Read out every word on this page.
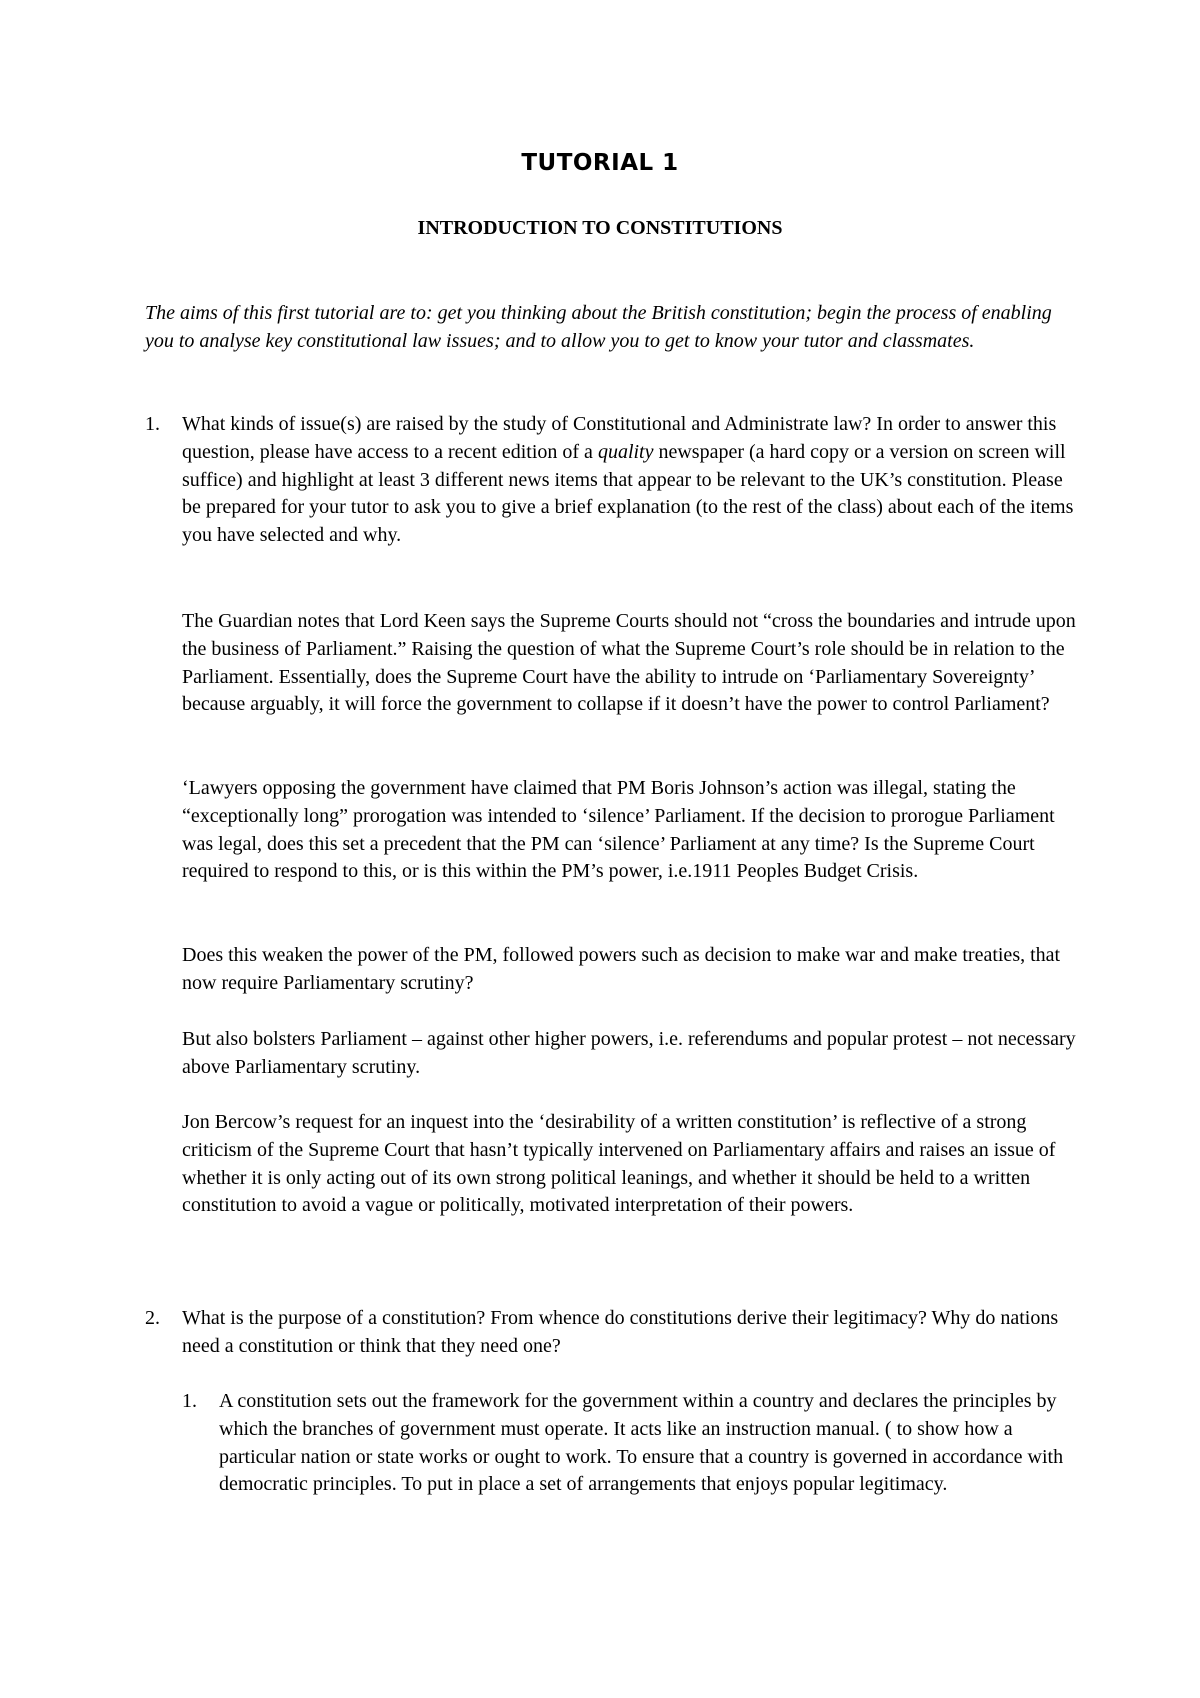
TUTORIAL 1
INTRODUCTION TO CONSTITUTIONS

The aims of this first tutorial are to: get you thinking about the British constitution; begin the process of enabling you to analyse key constitutional law issues; and to allow you to get to know your tutor and classmates.

1. What kinds of issue(s) are raised by the study of Constitutional and Administrate law? In order to answer this question, please have access to a recent edition of a quality newspaper (a hard copy or a version on screen will suffice) and highlight at least 3 different news items that appear to be relevant to the UK’s constitution. Please be prepared for your tutor to ask you to give a brief explanation (to the rest of the class) about each of the items you have selected and why.

The Guardian notes that Lord Keen says the Supreme Courts should not “cross the boundaries and intrude upon the business of Parliament.” Raising the question of what the Supreme Court’s role should be in relation to the Parliament. Essentially, does the Supreme Court have the ability to intrude on ‘Parliamentary Sovereignty’ because arguably, it will force the government to collapse if it doesn’t have the power to control Parliament?

‘Lawyers opposing the government have claimed that PM Boris Johnson’s action was illegal, stating the “exceptionally long” prorogation was intended to ‘silence’ Parliament. If the decision to prorogue Parliament was legal, does this set a precedent that the PM can ‘silence’ Parliament at any time? Is the Supreme Court required to respond to this, or is this within the PM’s power, i.e.1911 Peoples Budget Crisis.

Does this weaken the power of the PM, followed powers such as decision to make war and make treaties, that now require Parliamentary scrutiny?

But also bolsters Parliament – against other higher powers, i.e. referendums and popular protest – not necessary above Parliamentary scrutiny.

Jon Bercow’s request for an inquest into the ‘desirability of a written constitution’ is reflective of a strong criticism of the Supreme Court that hasn’t typically intervened on Parliamentary affairs and raises an issue of whether it is only acting out of its own strong political leanings, and whether it should be held to a written constitution to avoid a vague or politically, motivated interpretation of their powers.

2. What is the purpose of a constitution? From whence do constitutions derive their legitimacy? Why do nations need a constitution or think that they need one?

1. A constitution sets out the framework for the government within a country and declares the principles by which the branches of government must operate. It acts like an instruction manual. ( to show how a particular nation or state works or ought to work. To ensure that a country is governed in accordance with democratic principles. To put in place a set of arrangements that enjoys popular legitimacy.
